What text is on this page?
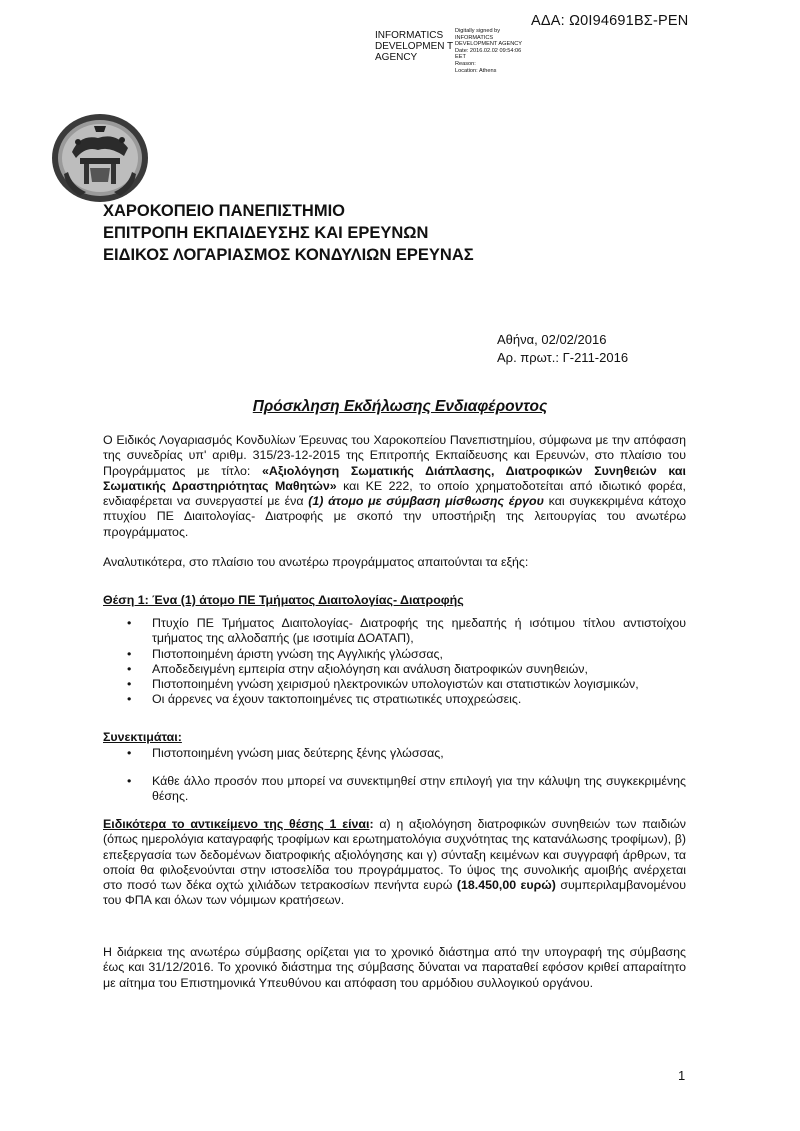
ΑΔΑ: Ω0Ι94691ΒΣ-ΡΕΝ
INFORMATICS DEVELOPMEN T AGENCY
Digitally signed by
INFORMATICS
DEVELOPMENT AGENCY
Date: 2016.02.02 09:54:06
EET
Reason:
Location: Athens
ΧΑΡΟΚΟΠΕΙΟ ΠΑΝΕΠΙΣΤΗΜΙΟ
ΕΠΙΤΡΟΠΗ ΕΚΠΑΙΔΕΥΣΗΣ ΚΑΙ ΕΡΕΥΝΩΝ
ΕΙΔΙΚΟΣ ΛΟΓΑΡΙΑΣΜΟΣ ΚΟΝΔΥΛΙΩΝ ΕΡΕΥΝΑΣ
Αθήνα, 02/02/2016
Αρ. πρωτ.: Γ-211-2016
Πρόσκληση Εκδήλωσης Ενδιαφέροντος
Ο Ειδικός Λογαριασμός Κονδυλίων Έρευνας του Χαροκοπείου Πανεπιστημίου, σύμφωνα με την απόφαση της συνεδρίας υπ' αριθμ. 315/23-12-2015 της Επιτροπής Εκπαίδευσης και Ερευνών, στο πλαίσιο του Προγράμματος με τίτλο: «Αξιολόγηση Σωματικής Διάπλασης, Διατροφικών Συνηθειών και Σωματικής Δραστηριότητας Μαθητών» και ΚΕ 222, το οποίο χρηματοδοτείται από ιδιωτικό φορέα, ενδιαφέρεται να συνεργαστεί με ένα (1) άτομο με σύμβαση μίσθωσης έργου και συγκεκριμένα κάτοχο πτυχίου ΠΕ Διαιτολογίας- Διατροφής με σκοπό την υποστήριξη της λειτουργίας του ανωτέρω προγράμματος.
Αναλυτικότερα, στο πλαίσιο του ανωτέρω προγράμματος απαιτούνται τα εξής:
Θέση 1: Ένα (1) άτομο ΠΕ Τμήματος Διαιτολογίας- Διατροφής
• Πτυχίο ΠΕ Τμήματος Διαιτολογίας- Διατροφής της ημεδαπής ή ισότιμου τίτλου αντιστοίχου τμήματος της αλλοδαπής (με ισοτιμία ΔΟΑΤΑΠ),
• Πιστοποιημένη άριστη γνώση της Αγγλικής γλώσσας,
• Αποδεδειγμένη εμπειρία στην αξιολόγηση και ανάλυση διατροφικών συνηθειών,
• Πιστοποιημένη γνώση χειρισμού ηλεκτρονικών υπολογιστών και στατιστικών λογισμικών,
• Οι άρρενες να έχουν τακτοποιημένες τις στρατιωτικές υποχρεώσεις.
Συνεκτιμάται:
• Πιστοποιημένη γνώση μιας δεύτερης ξένης γλώσσας,
• Κάθε άλλο προσόν που μπορεί να συνεκτιμηθεί στην επιλογή για την κάλυψη της συγκεκριμένης θέσης.
Ειδικότερα το αντικείμενο της θέσης 1 είναι: α) η αξιολόγηση διατροφικών συνηθειών των παιδιών (όπως ημερολόγια καταγραφής τροφίμων και ερωτηματολόγια συχνότητας της κατανάλωσης τροφίμων), β) επεξεργασία των δεδομένων διατροφικής αξιολόγησης και γ) σύνταξη κειμένων και συγγραφή άρθρων, τα οποία θα φιλοξενούνται στην ιστοσελίδα του προγράμματος. Το ύψος της συνολικής αμοιβής ανέρχεται στο ποσό των δέκα οχτώ χιλιάδων τετρακοσίων πενήντα ευρώ (18.450,00 ευρώ) συμπεριλαμβανομένου του ΦΠΑ και όλων των νόμιμων κρατήσεων.
Η διάρκεια της ανωτέρω σύμβασης ορίζεται για το χρονικό διάστημα από την υπογραφή της σύμβασης έως και 31/12/2016. Το χρονικό διάστημα της σύμβασης δύναται να παραταθεί εφόσον κριθεί απαραίτητο με αίτημα του Επιστημονικά Υπευθύνου και απόφαση του αρμόδιου συλλογικού οργάνου.
1
